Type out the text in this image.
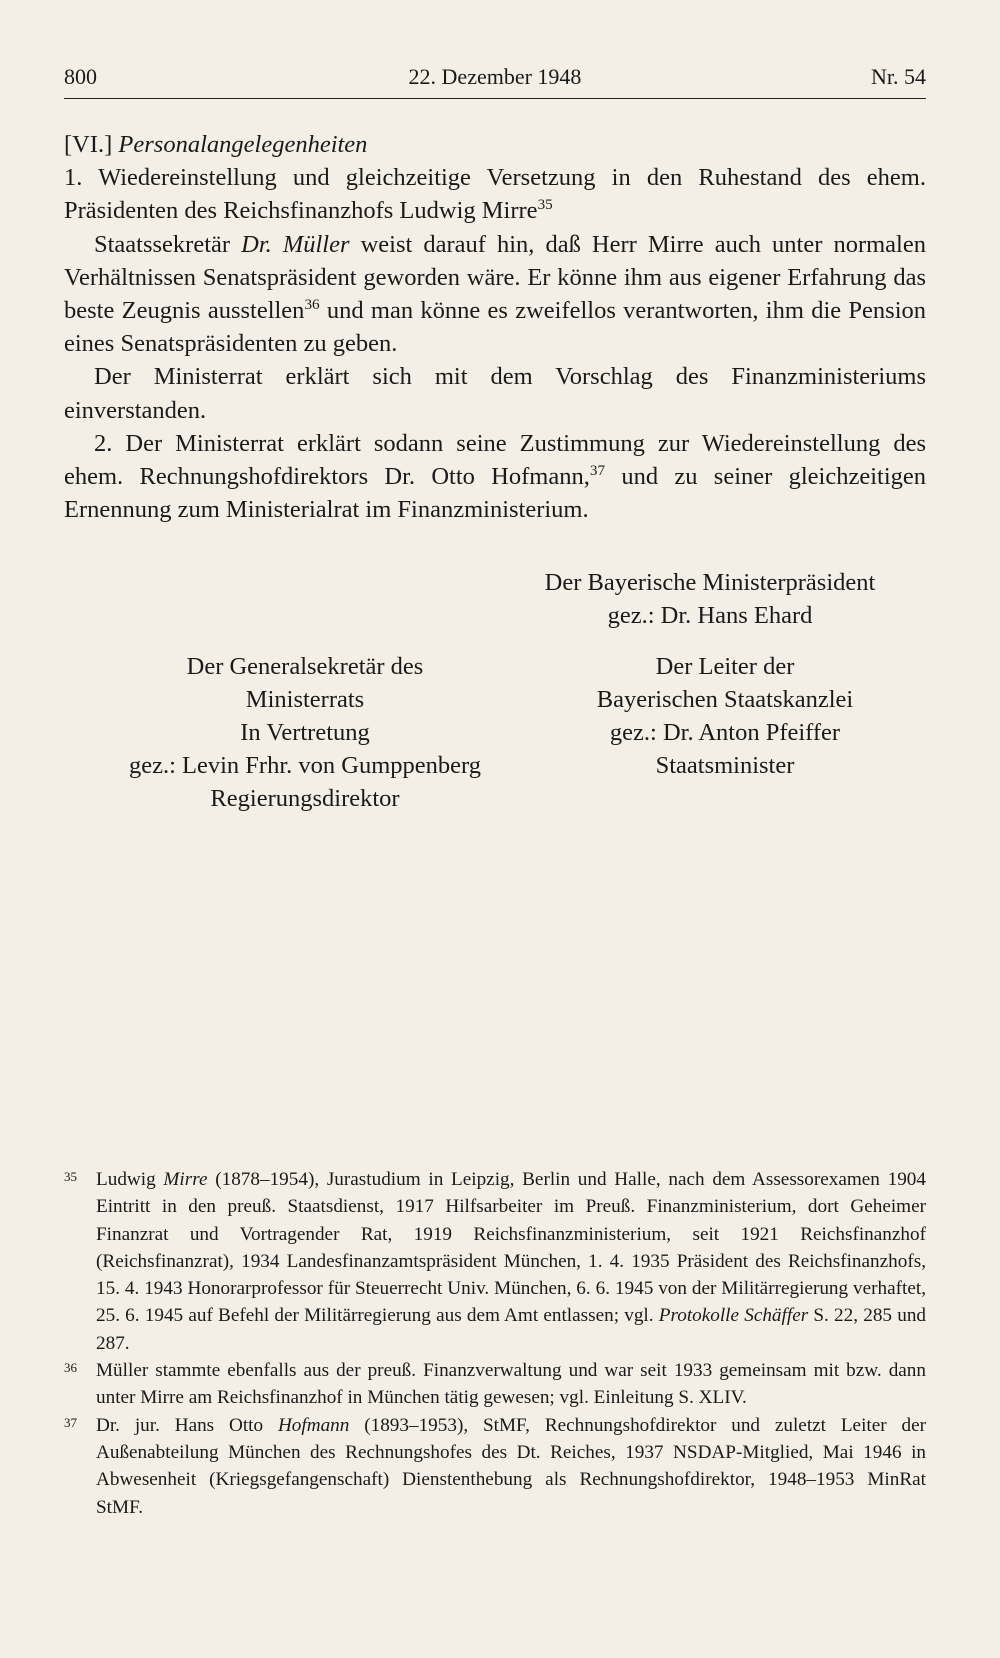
800	22. Dezember 1948	Nr. 54

[VI.] Personalangelegenheiten

1. Wiedereinstellung und gleichzeitige Versetzung in den Ruhestand des ehem. Präsidenten des Reichsfinanzhofs Ludwig Mirre$^{35}$

Staatssekretär Dr. Müller weist darauf hin, daß Herr Mirre auch unter normalen Verhältnissen Senatspräsident geworden wäre. Er könne ihm aus eigener Erfahrung das beste Zeugnis ausstellen$^{36}$ und man könne es zweifellos verantworten, ihm die Pension eines Senatspräsidenten zu geben.

Der Ministerrat erklärt sich mit dem Vorschlag des Finanzministeriums einverstanden.

2. Der Ministerrat erklärt sodann seine Zustimmung zur Wiedereinstellung des ehem. Rechnungshofdirektors Dr. Otto Hofmann,$^{37}$ und zu seiner gleichzeitigen Ernennung zum Ministerialrat im Finanzministerium.

Der Bayerische Ministerpräsident
gez.: Dr. Hans Ehard
Der Generalsekretär des
Ministerrats
In Vertretung
gez.: Levin Frhr. von Gumppenberg
Regierungsdirektor
Der Leiter der
Bayerischen Staatskanzlei
gez.: Dr. Anton Pfeiffer
Staatsminister
35 Ludwig Mirre (1878–1954), Jurastudium in Leipzig, Berlin und Halle, nach dem Assessorexamen 1904 Eintritt in den preuß. Staatsdienst, 1917 Hilfsarbeiter im Preuß. Finanzministerium, dort Geheimer Finanzrat und Vortragender Rat, 1919 Reichsfinanzministerium, seit 1921 Reichsfinanzhof (Reichsfinanzrat), 1934 Landesfinanzamtspräsident München, 1. 4. 1935 Präsident des Reichsfinanzhofs, 15. 4. 1943 Honorarprofessor für Steuerrecht Univ. München, 6. 6. 1945 von der Militärregierung verhaftet, 25. 6. 1945 auf Befehl der Militärregierung aus dem Amt entlassen; vgl. Protokolle Schäffer S. 22, 285 und 287.
36 Müller stammte ebenfalls aus der preuß. Finanzverwaltung und war seit 1933 gemeinsam mit bzw. dann unter Mirre am Reichsfinanzhof in München tätig gewesen; vgl. Einleitung S. XLIV.
37 Dr. jur. Hans Otto Hofmann (1893–1953), StMF, Rechnungshofdirektor und zuletzt Leiter der Außenabteilung München des Rechnungshofes des Dt. Reiches, 1937 NSDAP-Mitglied, Mai 1946 in Abwesenheit (Kriegsgefangenschaft) Dienstenthebung als Rechnungshofdirektor, 1948–1953 MinRat StMF.
